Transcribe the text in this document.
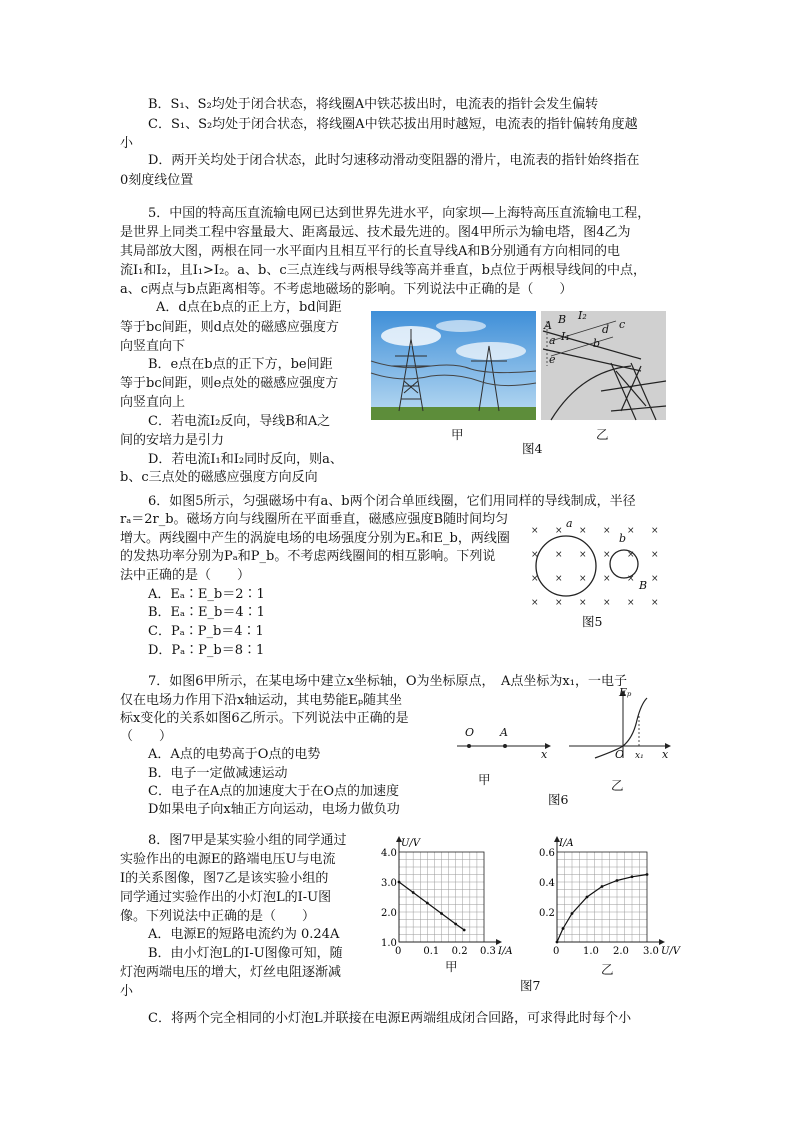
B．S₁、S₂均处于闭合状态，将线圈A中铁芯拔出时，电流表的指针会发生偏转
C．S₁、S₂均处于闭合状态，将线圈A中铁芯拔出用时越短，电流表的指针偏转角度越
小
D．两开关均处于闭合状态，此时匀速移动滑动变阻器的滑片，电流表的指针始终指在
0刻度线位置
5．中国的特高压直流输电网已达到世界先进水平，向家坝—上海特高压直流输电工程，
是世界上同类工程中容量最大、距离最远、技术最先进的。图4甲所示为输电塔，图4乙为
其局部放大图，两根在同一水平面内且相互平行的长直导线A和B分别通有方向相同的电
流I₁和I₂，且I₁>I₂。a、b、c三点连线与两根导线等高并垂直，b点位于两根导线间的中点，
a、c两点与b点距离相等。不考虑地磁场的影响。下列说法中正确的是（　　）
A．d点在b点的正上方，bd间距
等于bc间距，则d点处的磁感应强度方
向竖直向下
B．e点在b点的正下方，be间距
等于bc间距，则e点处的磁感应强度方
向竖直向上
C．若电流I₂反向，导线B和A之
间的安培力是引力
D．若电流I₁和I₂同时反向，则a、
b、c三点处的磁感应强度方向反向
A B I₂
I₁
a	b
c
d
e
甲	乙
图4
6．如图5所示，匀强磁场中有a、b两个闭合单匝线圈，它们用同样的导线制成，半径
rₐ＝2r_b。磁场方向与线圈所在平面垂直，磁感应强度B随时间均匀
增大。两线圈中产生的涡旋电场的电场强度分别为Eₐ和E_b，两线圈
的发热功率分别为Pₐ和P_b。不考虑两线圈间的相互影响。下列说
法中正确的是（　　）
A．Eₐ∶E_b＝2∶1
B．Eₐ∶E_b＝4∶1
C．Pₐ∶P_b＝4∶1
D．Pₐ∶P_b＝8∶1
× × × × × ×
× × × × × ×
× × × × × ×
× × × × × ×
a
b
B
图5
7．如图6甲所示，在某电场中建立x坐标轴，O为坐标原点，　A点坐标为x₁，一电子
仅在电场力作用下沿x轴运动，其电势能Eₚ随其坐
标x变化的关系如图6乙所示。下列说法中正确的是
（　　）
A．A点的电势高于O点的电势
B．电子一定做减速运动
C．电子在A点的加速度大于在O点的加速度
D如果电子向x轴正方向运动，电场力做负功
O A
x
Eₚ
O x₁ x
甲	乙
图6
8．图7甲是某实验小组的同学通过
实验作出的电源E的路端电压U与电流
I的关系图像，图7乙是该实验小组的
同学通过实验作出的小灯泡L的I-U图
像。下列说法中正确的是（　　）
A．电源E的短路电流约为 0.24A
B．由小灯泡L的I-U图像可知，随
灯泡两端电压的增大，灯丝电阻逐渐减
小
C．将两个完全相同的小灯泡L并联接在电源E两端组成闭合回路，可求得此时每个小
0 0.1 0.2 0.3
1.0
2.0
3.0
4.0
U/V
I/A	0 1.0 2.0 3.0
0.2
0.4
0.6
I/A
U/V
甲	乙
图7
